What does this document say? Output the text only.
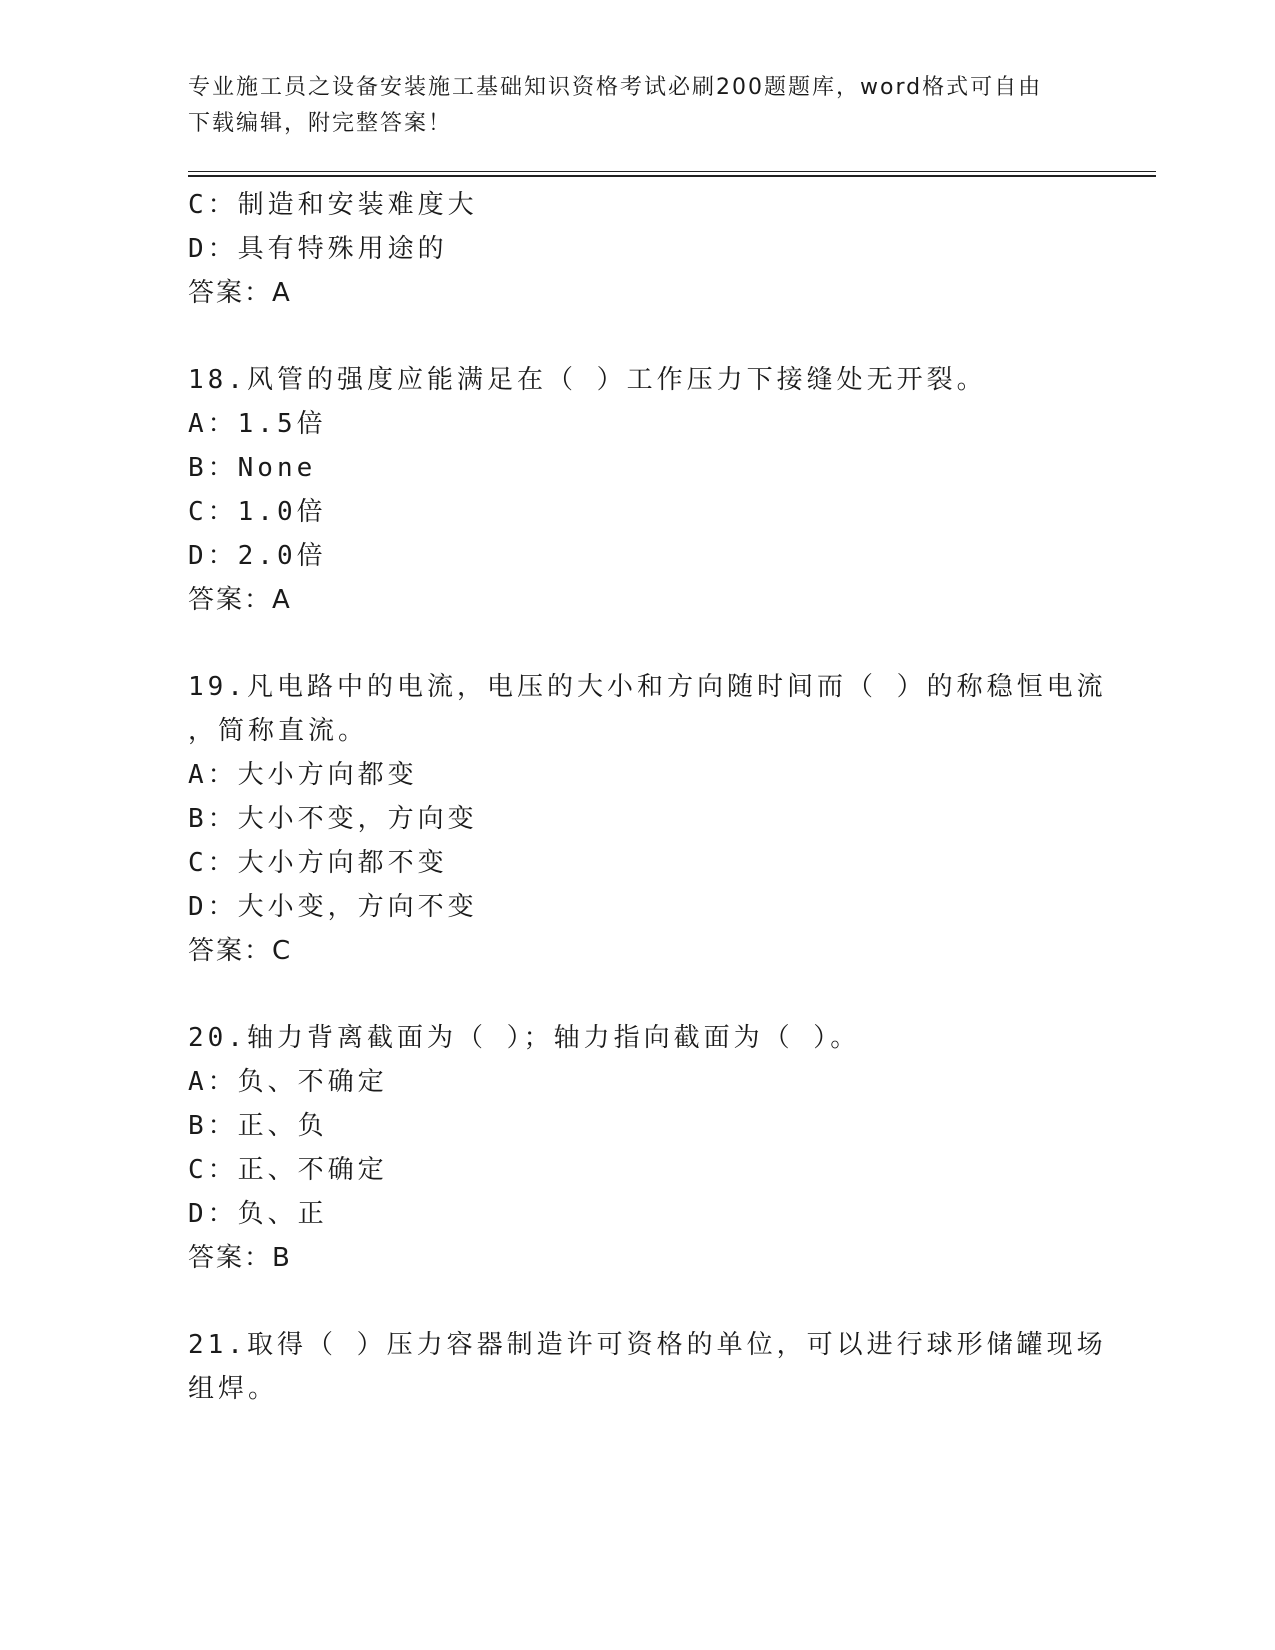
专业施工员之设备安装施工基础知识资格考试必刷200题题库，word格式可自由
下载编辑，附完整答案！
C：制造和安装难度大
D：具有特殊用途的
答案：A
18.风管的强度应能满足在（ ）工作压力下接缝处无开裂。
A：1.5倍
B：None
C：1.0倍
D：2.0倍
答案：A
19.凡电路中的电流，电压的大小和方向随时间而（ ）的称稳恒电流
，简称直流。
A：大小方向都变
B：大小不变，方向变
C：大小方向都不变
D：大小变，方向不变
答案：C
20.轴力背离截面为（ ）；轴力指向截面为（ ）。
A：负、不确定
B：正、负
C：正、不确定
D：负、正
答案：B
21.取得（ ）压力容器制造许可资格的单位，可以进行球形储罐现场
组焊。
